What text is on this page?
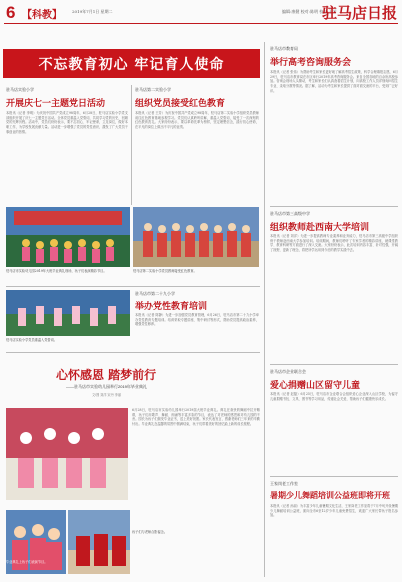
6 【科教】	2019年7月1日 星期二	编辑:康健 校对:陈明 校对:王芳
驻马店日报
不忘教育初心 牢记育人使命
驻马店实验小学
开展庆七一主题党日活动
本报讯（记者 李明）为庆祝中国共产党成立98周年，6月28日，驻马店实验小学党支部组织开展了庆七一主题党日活动。全体党员重温入党誓词，共同学习党的历史，回顾党的光辉历程。活动中，党员们纷纷表示，要不忘初心、牢记使命，立足岗位，做好本职工作，为学校发展贡献力量。活动进一步增强了党员的党性意识，激发了广大党员干事创业的热情。
驻马店第二实验小学
组织党员接受红色教育
本报讯（记者 王芳）为庆祝中国共产党成立98周年，驻马店第二实验小学组织党员教师前往红色教育基地参观学习。党员们认真聆听讲解，重温入党誓词，接受了一次深刻的红色教育洗礼。大家纷纷表示，要以革命先辈为榜样，坚定理想信念，践行初心使命，在平凡的岗位上做出不平凡的业绩。
驻马店市实验幼儿园2019年大班毕业典礼现场，孩子们表演精彩节目。	驻马店第二实验小学党员教师接受红色教育。
驻马店市第二十九小学
举办党性教育培训
驻马店实验小学党员重温入党誓词。
本报讯（记者 陈静）为进一步加强党员教育管理，6月26日，驻马店市第二十九小学举办党性教育专题培训。培训采取专题讲座、集中研讨等形式，帮助党员提高政治素养，增强党性修养。
心怀感恩 踏梦前行
——驻马店市实验幼儿园举行2019年毕业典礼
文/图 刘洋 宋丹 李丽
6月28日，驻马店市实验幼儿园举行2019届大班毕业典礼。典礼在欢快的舞蹈中拉开帷幕，孩子们用歌声、舞蹈、朗诵等丰富多彩的节目，表达了对老师的感恩和对幼儿园的不舍。园长为孩子们颁发毕业证书，送上美好祝愿。家长代表发言，感谢老师们三年来的辛勤付出。毕业典礼在温馨的氛围中圆满结束，孩子们带着美好的回忆踏上新的成长旅程。
毕业典礼上孩子们表演节目。
孩子们与老师合影留念。
驻马店市教育局
举行高考咨询服务会
本报讯（记者 张伟）为帮助考生和家长更好地了解高考招生政策，科学合理填报志愿，6月29日，驻马店市教育局在市区举行2019年高考咨询服务会。来自全国各地的百余所高校参加。咨询会现场人头攒动，考生和家长们认真查看招生计划，向高校工作人员详细询问招生专业、录取分数等情况。据了解，活动为考生和家长提供了面对面交流的平台，受到广泛好评。
驻马店市第三高级中学
组织教师赴西南大学培训
本报讯（记者 刘洋）为进一步提高教师专业素养和业务能力，驻马店市第三高级中学组织骨干教师赴西南大学参加培训。培训期间，教师们聆听了专家学者的精彩讲座，就课堂教学、教育科研等方面进行了深入交流。大家纷纷表示，此次培训内容丰富、针对性强，开阔了视野，更新了理念，将把所学运用到今后的教学实践中去。
驻马店市企业联合会
爱心捐赠山区留守儿童
本报讯（记者 赵磊）6月25日，驻马店市企业联合会组织爱心企业深入山区学校，为留守儿童捐赠书包、文具、图书等学习用品，传递社会关爱，帮助孩子们健康快乐成长。
王家岗老工作室
暑期少儿舞蹈培训公益班即将开班
本报讯（记者 孙丽）为丰富少年儿童暑期文化生活，王家岗老工作室将于7月中旬开设暑期少儿舞蹈培训公益班，面向全市6至12岁少年儿童免费招生，欢迎广大家长带孩子报名参加。
